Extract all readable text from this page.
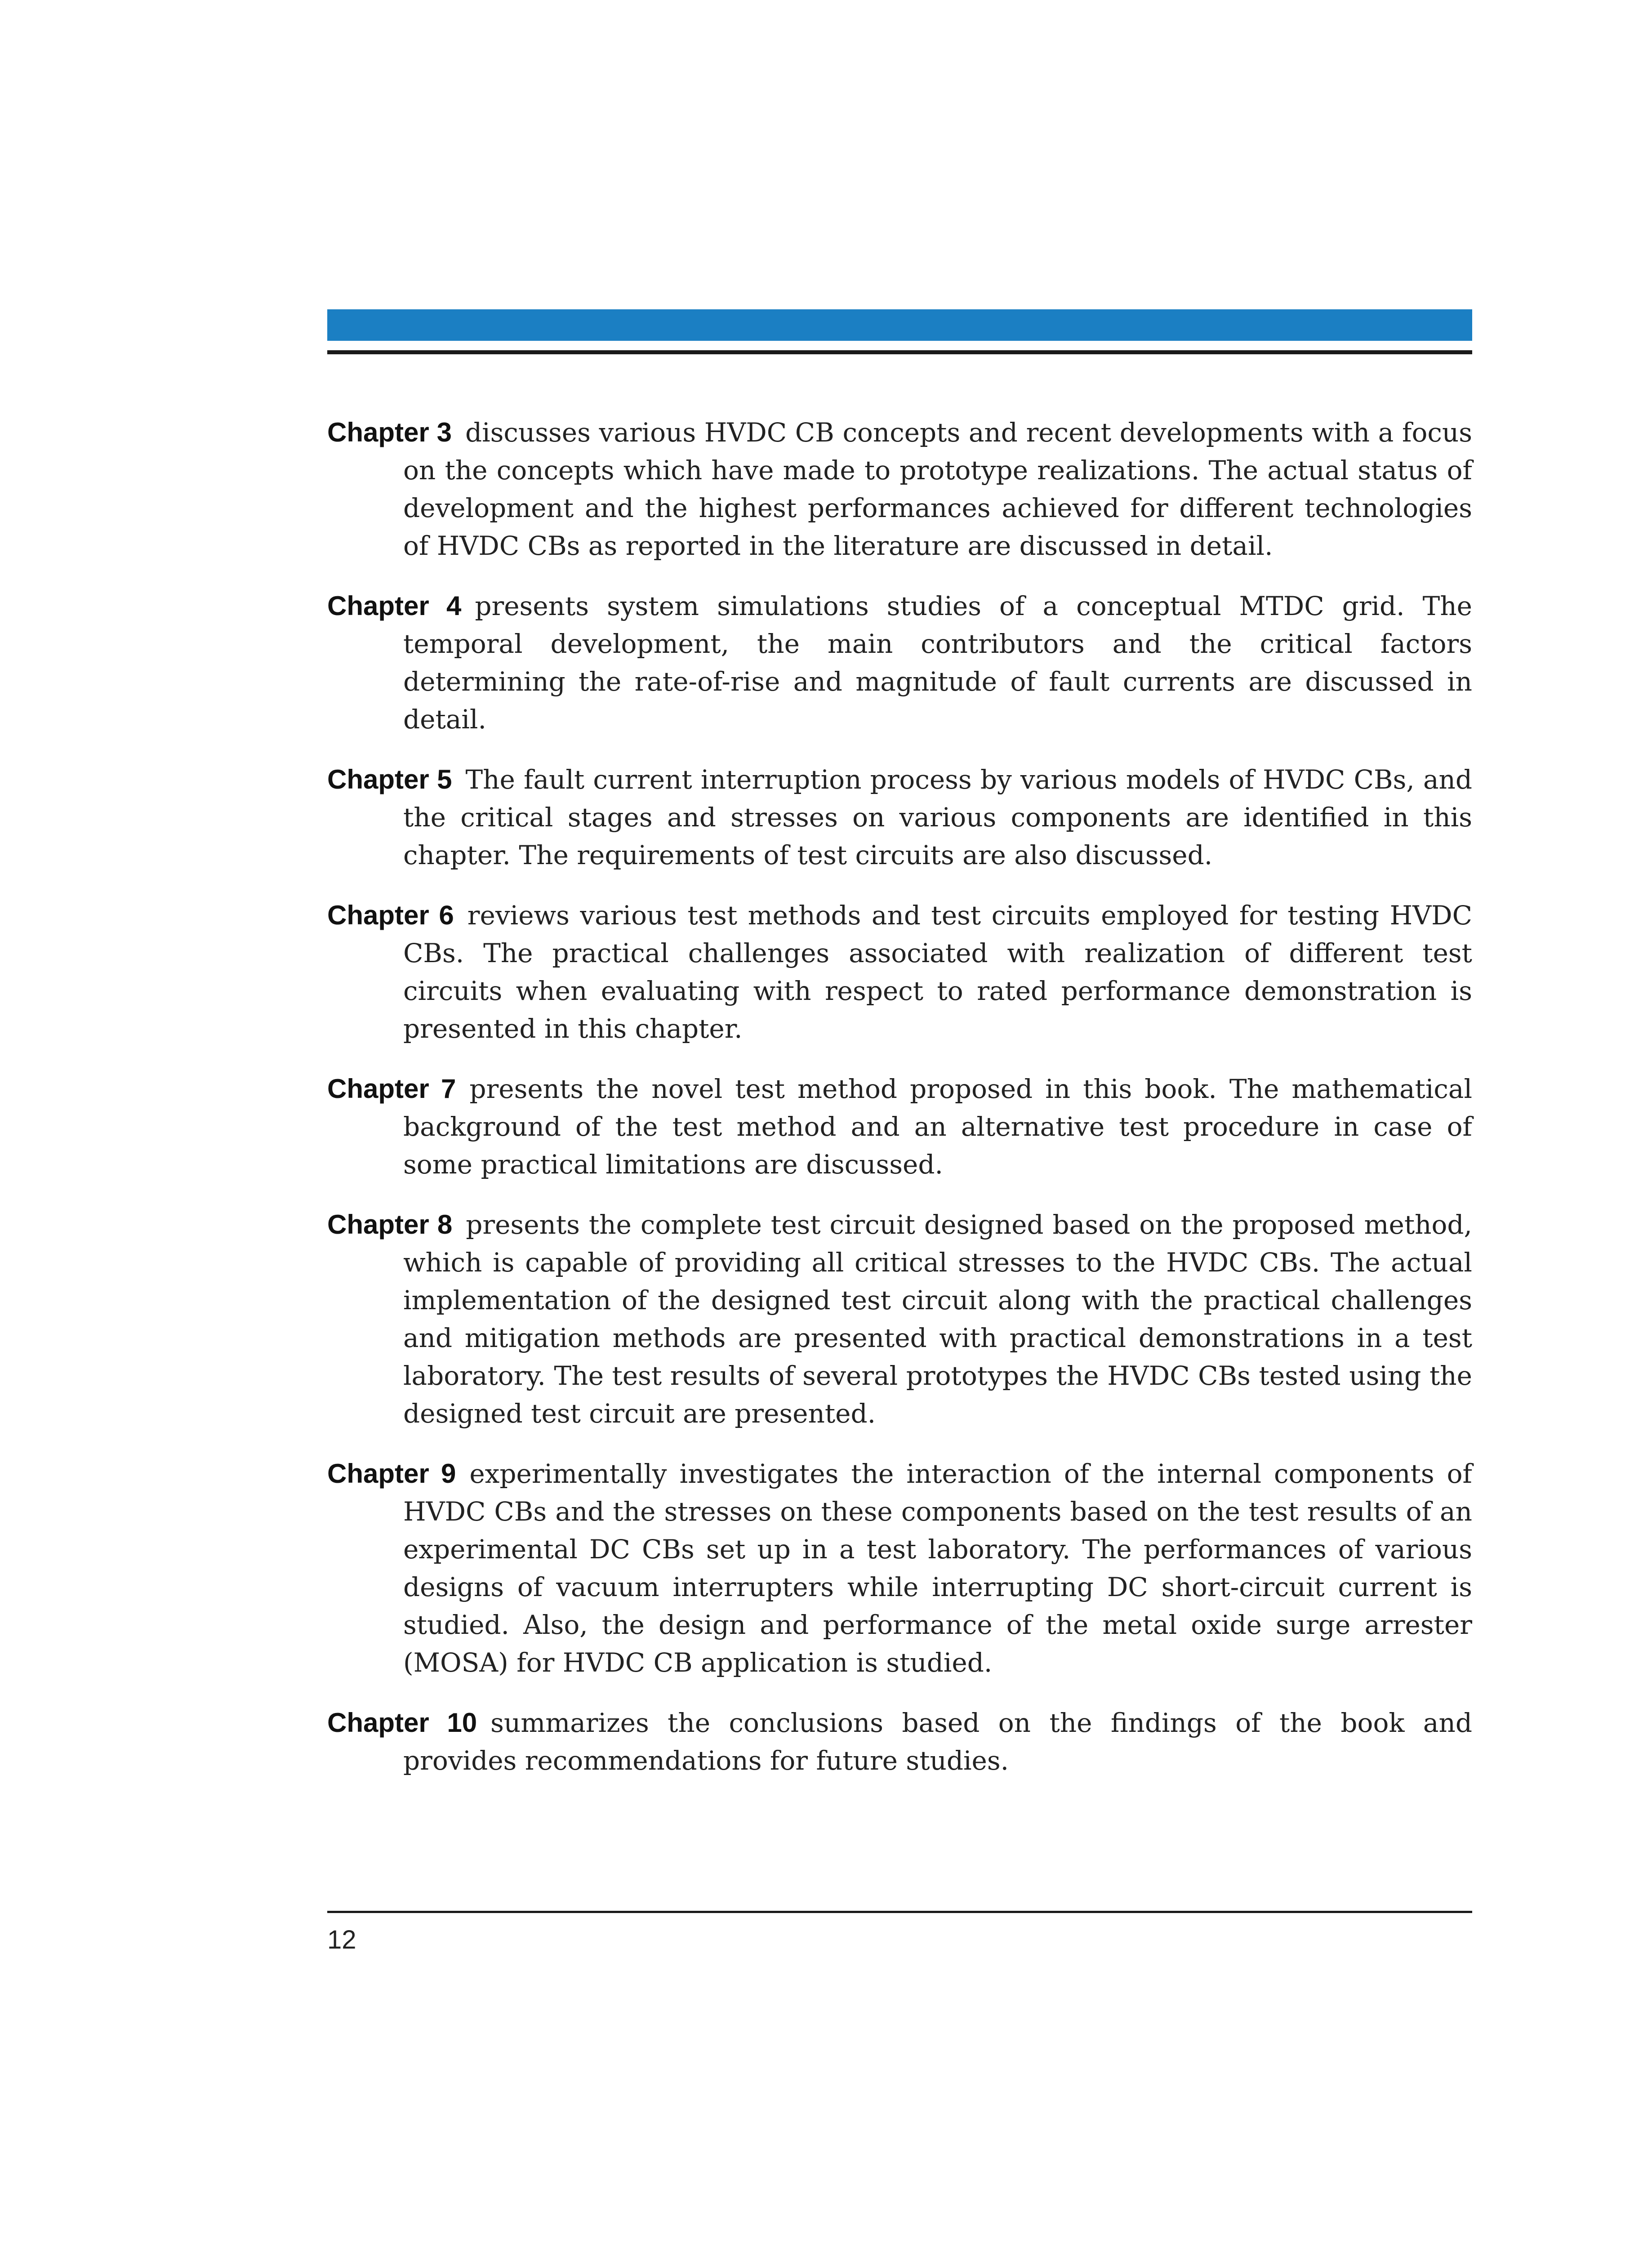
Chapter 3 discusses various HVDC CB concepts and recent developments with a focus on the concepts which have made to prototype realizations. The actual status of development and the highest performances achieved for different technologies of HVDC CBs as reported in the literature are discussed in detail.
Chapter 4 presents system simulations studies of a conceptual MTDC grid. The temporal development, the main contributors and the critical factors determining the rate-of-rise and magnitude of fault currents are discussed in detail.
Chapter 5 The fault current interruption process by various models of HVDC CBs, and the critical stages and stresses on various components are identified in this chapter. The requirements of test circuits are also discussed.
Chapter 6 reviews various test methods and test circuits employed for testing HVDC CBs. The practical challenges associated with realization of different test circuits when evaluating with respect to rated performance demonstration is presented in this chapter.
Chapter 7 presents the novel test method proposed in this book. The mathematical background of the test method and an alternative test procedure in case of some practical limitations are discussed.
Chapter 8 presents the complete test circuit designed based on the proposed method, which is capable of providing all critical stresses to the HVDC CBs. The actual implementation of the designed test circuit along with the practical challenges and mitigation methods are presented with practical demonstrations in a test laboratory. The test results of several prototypes the HVDC CBs tested using the designed test circuit are presented.
Chapter 9 experimentally investigates the interaction of the internal components of HVDC CBs and the stresses on these components based on the test results of an experimental DC CBs set up in a test laboratory. The performances of various designs of vacuum interrupters while interrupting DC short-circuit current is studied. Also, the design and performance of the metal oxide surge arrester (MOSA) for HVDC CB application is studied.
Chapter 10 summarizes the conclusions based on the findings of the book and provides recommendations for future studies.
12
